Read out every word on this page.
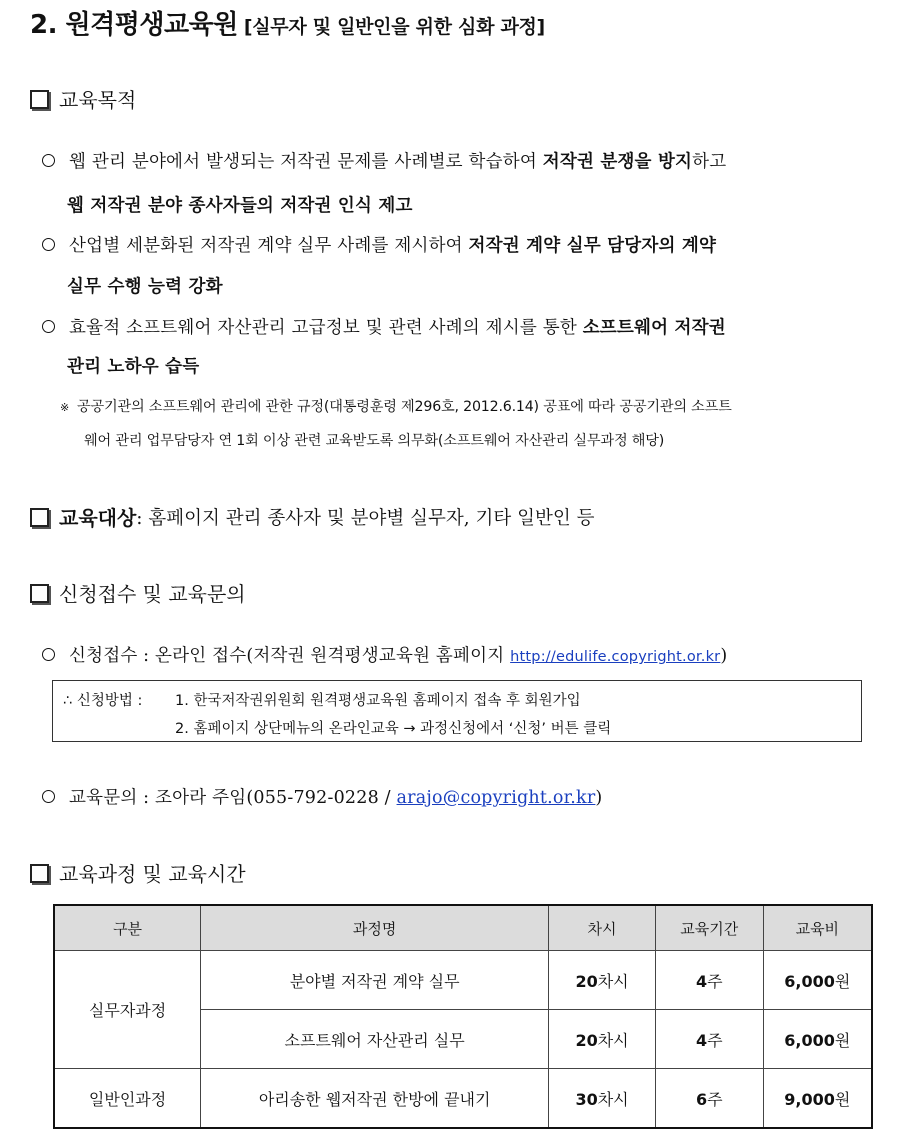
2. 원격평생교육원 [실무자 및 일반인을 위한 심화 과정]
교육목적
웹 관리 분야에서 발생되는 저작권 문제를 사례별로 학습하여 저작권 분쟁을 방지하고
웹 저작권 분야 종사자들의 저작권 인식 제고
산업별 세분화된 저작권 계약 실무 사례를 제시하여 저작권 계약 실무 담당자의 계약
실무 수행 능력 강화
효율적 소프트웨어 자산관리 고급정보 및 관련 사례의 제시를 통한 소프트웨어 저작권
관리 노하우 습득
※ 공공기관의 소프트웨어 관리에 관한 규정(대통령훈령 제296호, 2012.6.14) 공표에 따라 공공기관의 소프트
웨어 관리 업무담당자 연 1회 이상 관련 교육받도록 의무화(소프트웨어 자산관리 실무과정 해당)
교육대상 : 홈페이지 관리 종사자 및 분야별 실무자, 기타 일반인 등
신청접수 및 교육문의
신청접수 : 온라인 접수(저작권 원격평생교육원 홈페이지 http://edulife.copyright.or.kr)
∴ 신청방법 : 1. 한국저작권위원회 원격평생교육원 홈페이지 접속 후 회원가입
2. 홈페이지 상단메뉴의 온라인교육 → 과정신청에서 ‘신청’ 버튼 클릭
교육문의 : 조아라 주임(055-792-0228 / arajo@copyright.or.kr)
교육과정 및 교육시간
구분	과정명	차시	교육기간	교육비
실무자과정	분야별 저작권 계약 실무	20차시	4주	6,000원
	소프트웨어 자산관리 실무	20차시	4주	6,000원
일반인과정	아리송한 웹저작권 한방에 끝내기	30차시	6주	9,000원
